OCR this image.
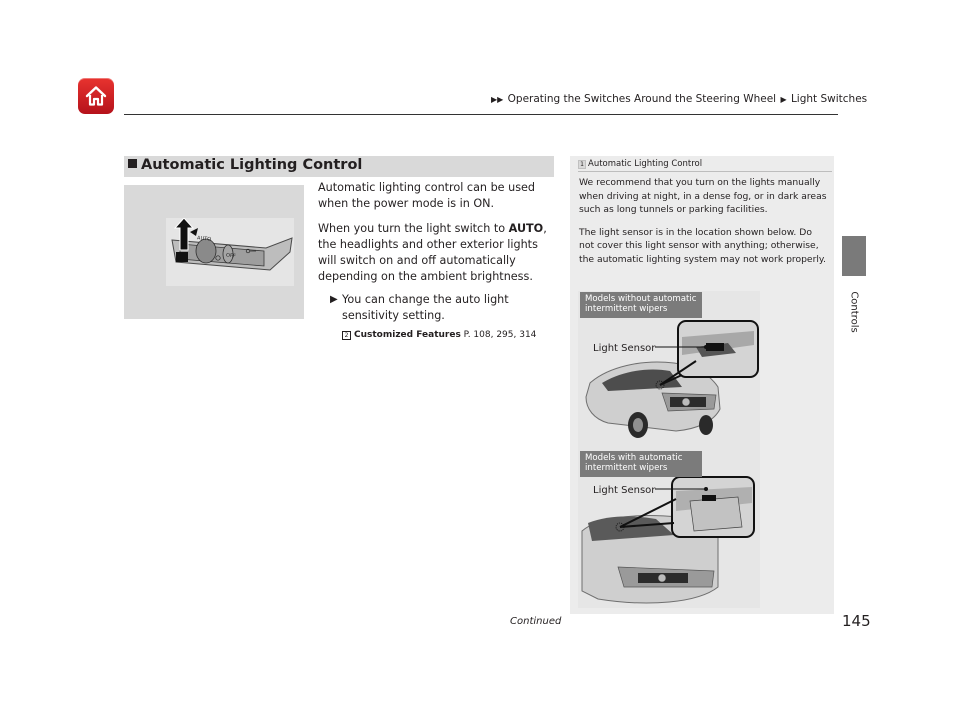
▶▶ Operating the Switches Around the Steering Wheel ▶ Light Switches
Controls
Automatic Lighting Control
AUTO
OFF

Automatic lighting control can be used when the power mode is in ON.

When you turn the light switch to AUTO, the headlights and other exterior lights will switch on and off automatically depending on the ambient brightness.

▶ You can change the auto light sensitivity setting.
2 Customized Features P. 108, 295, 314
1 Automatic Lighting Control

We recommend that you turn on the lights manually when driving at night, in a dense fog, or in dark areas such as long tunnels or parking facilities.

The light sensor is in the location shown below. Do not cover this light sensor with anything; otherwise, the automatic lighting system may not work properly.

Models without automatic
intermittent wipers
Models with automatic
intermittent wipers
Light Sensor
Light Sensor
Continued	145
